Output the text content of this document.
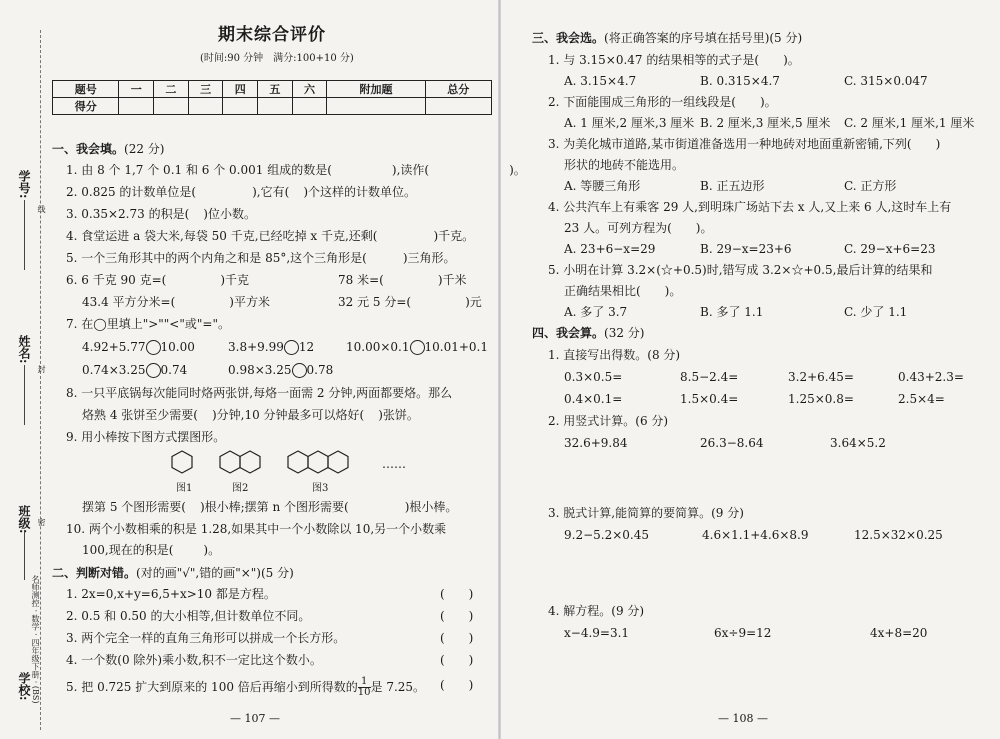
学号:
姓名:
班级:
学校: 名师测控 · 数学 · 四年级下册 · (BS)
线
封
密
期末综合评价
(时间:90 分钟　满分:100+10 分)
题号	一	二	三	四	五	六	附加题	总分
得分								
一、我会填。(22 分)
1. 由 8 个 1,7 个 0.1 和 6 个 0.001 组成的数是(	),读作(	)。
2. 0.825 的计数单位是(	),它有( )个这样的计数单位。
3. 0.35×2.73 的积是( )位小数。
4. 食堂运进 a 袋大米,每袋 50 千克,已经吃掉 x 千克,还剩(	)千克。
5. 一个三角形其中的两个内角之和是 85°,这个三角形是(	)三角形。
6. 6 千克 90 克=(	)千克	78 米=(	)千米
43.4 平方分米=(	)平方米	32 元 5 分=(	)元
7. 在◯里填上">""<"或"="。
4.92+5.77 10.00	3.8+9.99 12	10.00×0.1 10.01+0.1
0.74×3.25 0.74	0.98×3.25 0.78
8. 一只平底锅每次能同时烙两张饼,每烙一面需 2 分钟,两面都要烙。那么
烙熟 4 张饼至少需要( )分钟,10 分钟最多可以烙好( )张饼。
9. 用小棒按下图方式摆图形。
……
图1	图2	图3
摆第 5 个图形需要( )根小棒;摆第 n 个图形需要(	)根小棒。
10. 两个小数相乘的积是 1.28,如果其中一个小数除以 10,另一个小数乘
100,现在的积是(	)。
二、判断对错。(对的画"√",错的画"×")(5 分)
1. 2x=0,x+y=6,5+x>10 都是方程。	(　　)
2. 0.5 和 0.50 的大小相等,但计数单位不同。	(　　)
3. 两个完全一样的直角三角形可以拼成一个长方形。	(　　)
4. 一个数(0 除外)乘小数,积不一定比这个数小。	(　　)
5. 把 0.725 扩大到原来的 100 倍后再缩小到所得数的 $\frac{1}{10}$ 是 7.25。 (　　)
— 107 —
三、我会选。(将正确答案的序号填在括号里)(5 分)
1. 与 3.15×0.47 的结果相等的式子是(　　)。
A. 3.15×4.7	B. 0.315×4.7	C. 315×0.047
2. 下面能围成三角形的一组线段是(　　)。
A. 1 厘米,2 厘米,3 厘米 B. 2 厘米,3 厘米,5 厘米 C. 2 厘米,1 厘米,1 厘米
3. 为美化城市道路,某市街道准备选用一种地砖对地面重新密铺,下列(　　)
形状的地砖不能选用。
A. 等腰三角形	B. 正五边形	C. 正方形
4. 公共汽车上有乘客 29 人,到明珠广场站下去 x 人,又上来 6 人,这时车上有
23 人。可列方程为(　　)。
A. 23+6−x=29	B. 29−x=23+6	C. 29−x+6=23
5. 小明在计算 3.2×(☆+0.5)时,错写成 3.2×☆+0.5,最后计算的结果和
正确结果相比(　　)。
A. 多了 3.7	B. 多了 1.1	C. 少了 1.1
四、我会算。(32 分)
1. 直接写出得数。(8 分)
0.3×0.5=	8.5−2.4=	3.2+6.45=	0.43+2.3=
0.4×0.1=	1.5×0.4=	1.25×0.8=	2.5×4=
2. 用竖式计算。(6 分)
32.6+9.84	26.3−8.64	3.64×5.2
3. 脱式计算,能简算的要简算。(9 分)
9.2−5.2×0.45	4.6×1.1+4.6×8.9	12.5×32×0.25
4. 解方程。(9 分)
x−4.9=3.1	6x÷9=12	4x+8=20
— 108 —
